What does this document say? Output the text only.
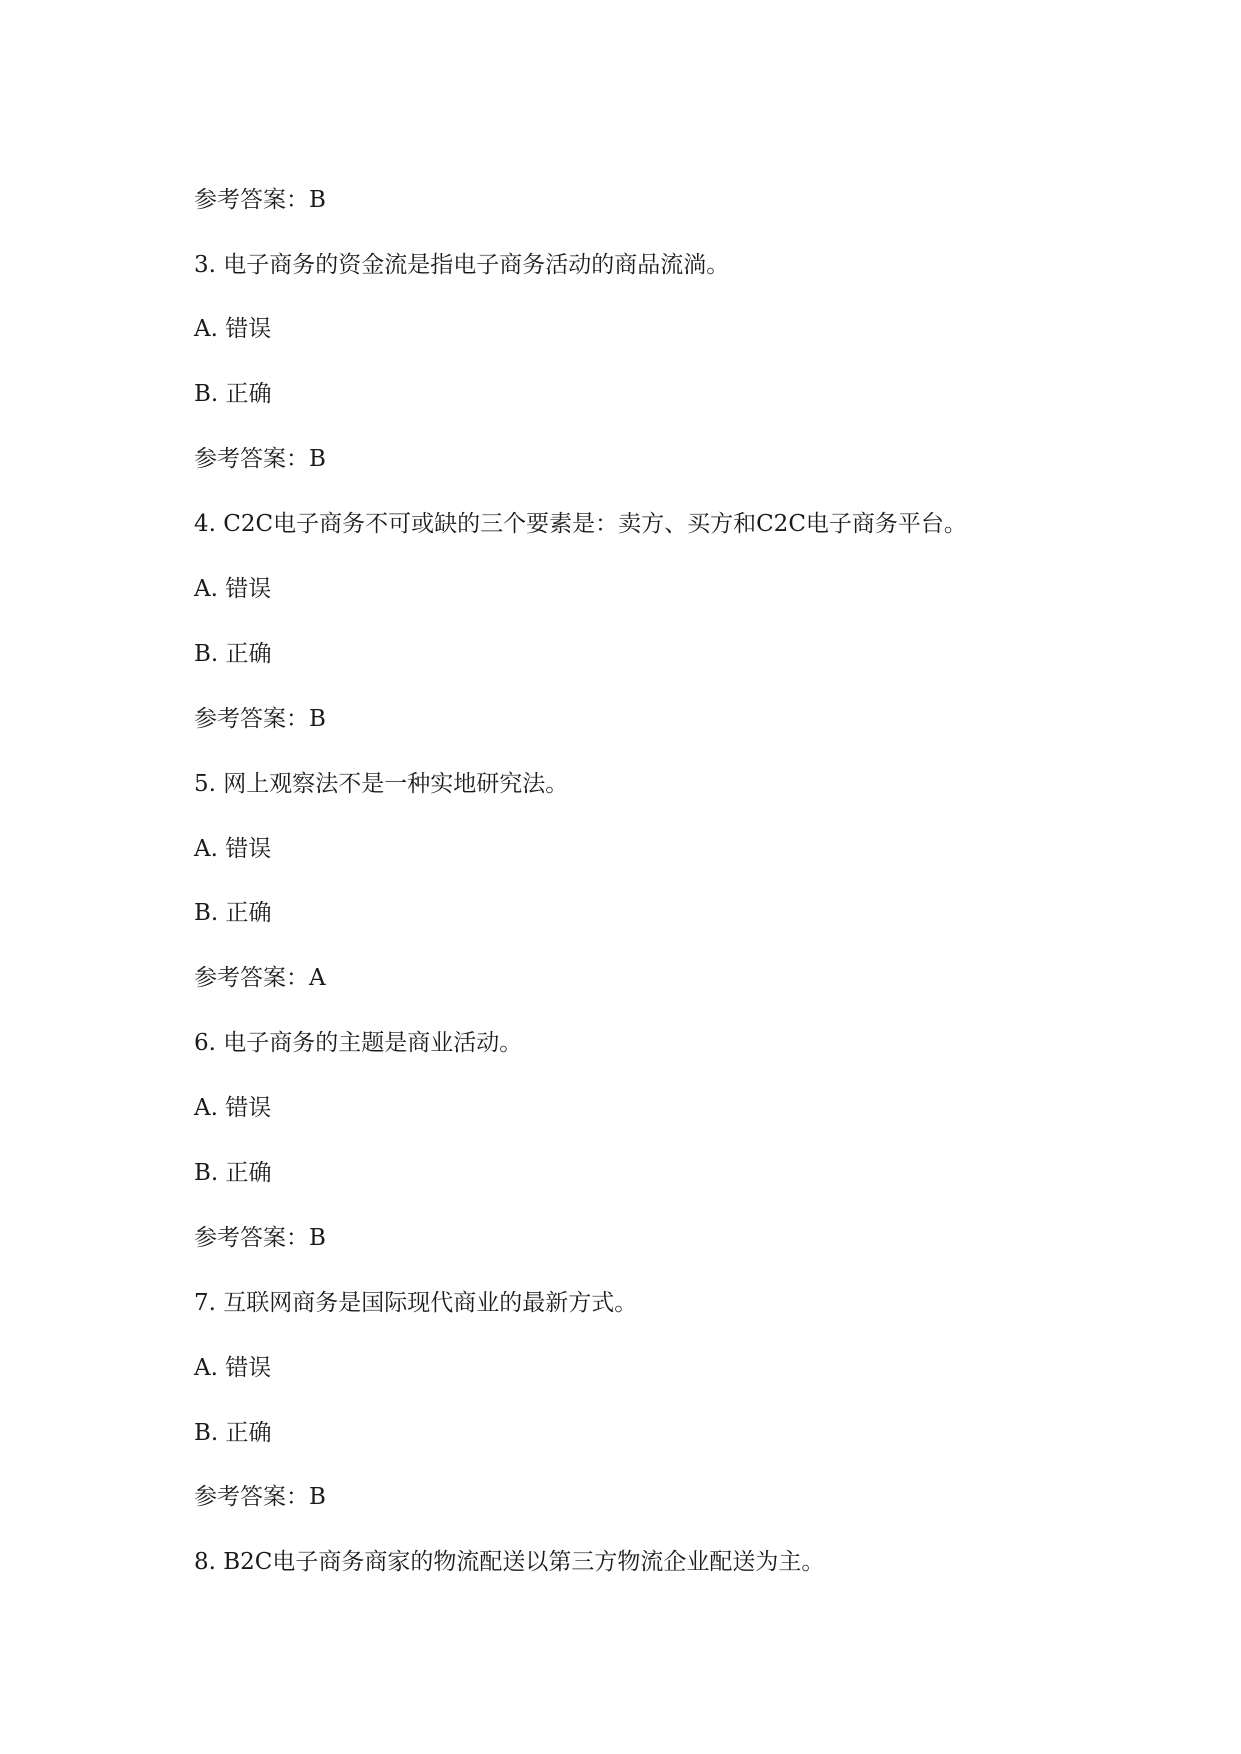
参考答案：B

3. 电子商务的资金流是指电子商务活动的商品流淌。

A. 错误

B. 正确

参考答案：B

4. C2C电子商务不可或缺的三个要素是：卖方、买方和C2C电子商务平台。

A. 错误

B. 正确

参考答案：B

5. 网上观察法不是一种实地研究法。

A. 错误

B. 正确

参考答案：A

6. 电子商务的主题是商业活动。

A. 错误

B. 正确

参考答案：B

7. 互联网商务是国际现代商业的最新方式。

A. 错误

B. 正确

参考答案：B

8. B2C电子商务商家的物流配送以第三方物流企业配送为主。
